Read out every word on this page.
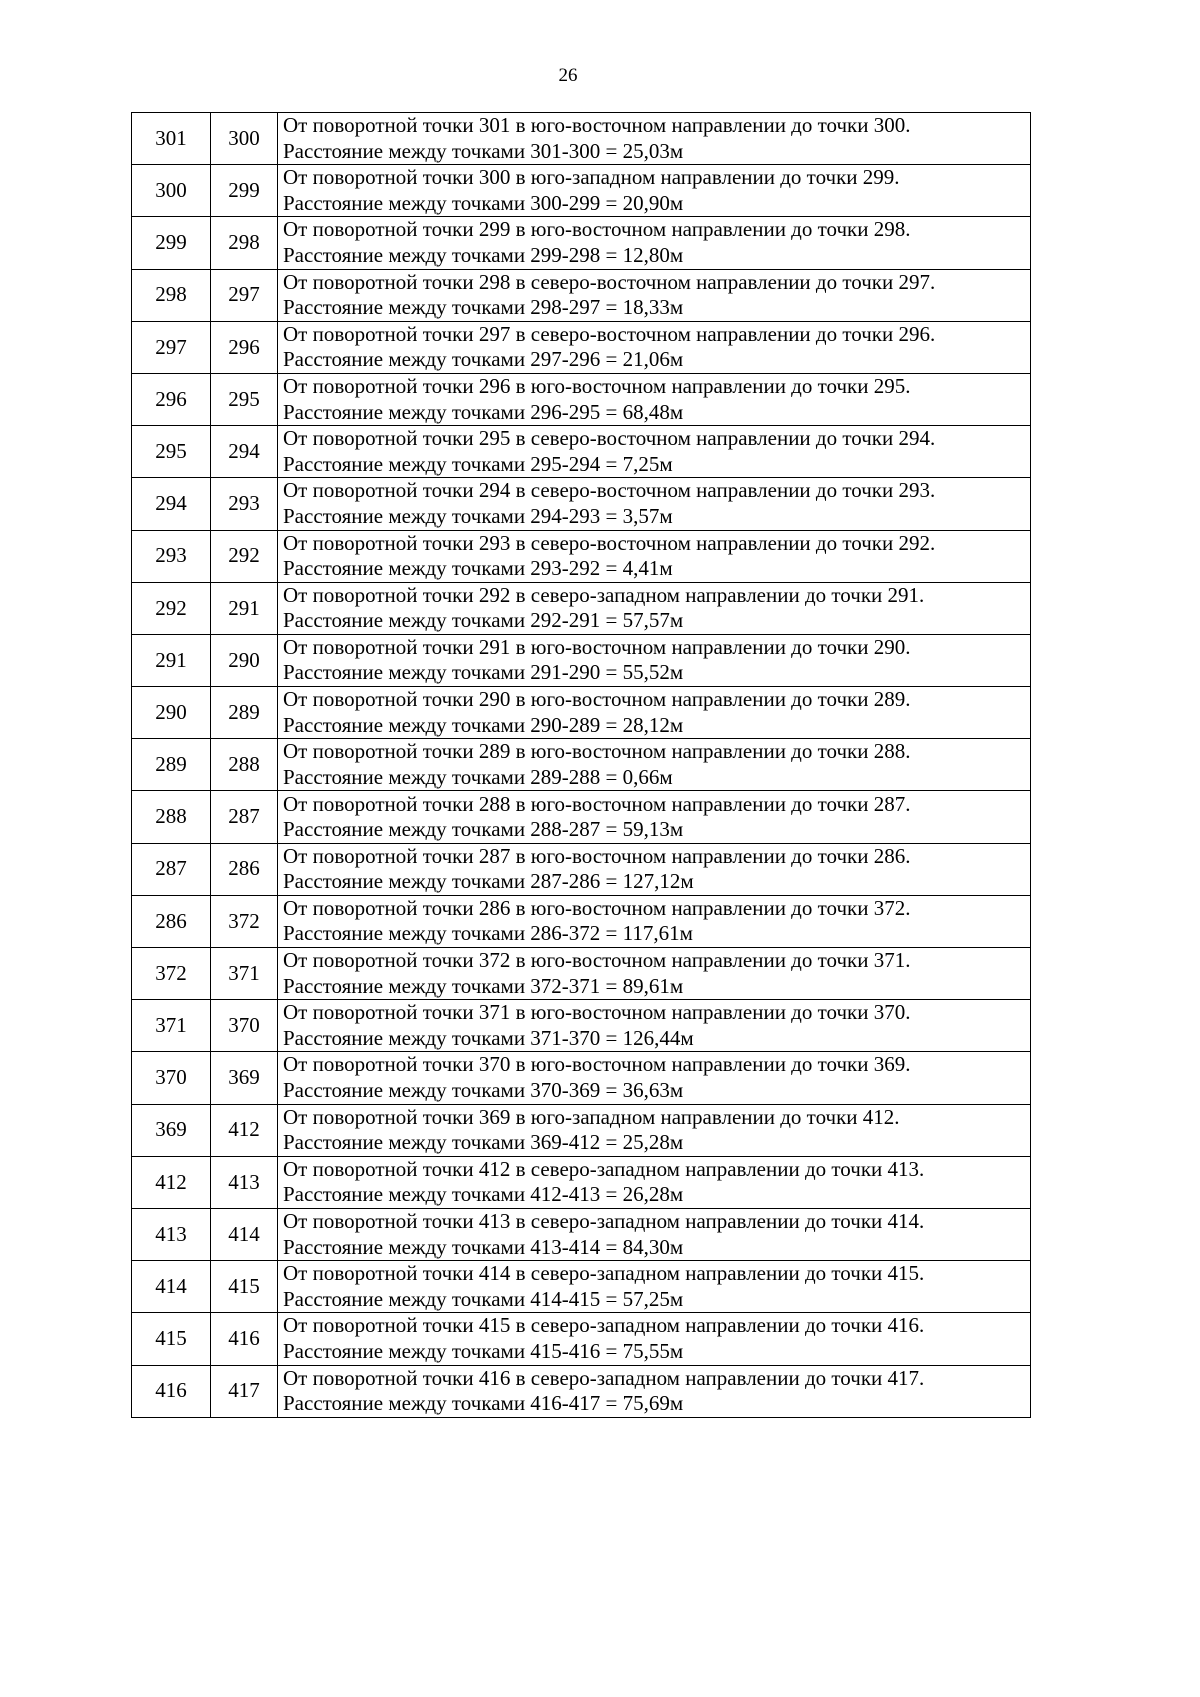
26
301	300	От поворотной точки 301 в юго-восточном направлении до точки 300.
Расстояние между точками 301-300 = 25,03м

300	299	От поворотной точки 300 в юго-западном направлении до точки 299.
Расстояние между точками 300-299 = 20,90м

299	298	От поворотной точки 299 в юго-восточном направлении до точки 298.
Расстояние между точками 299-298 = 12,80м

298	297	От поворотной точки 298 в северо-восточном направлении до точки 297.
Расстояние между точками 298-297 = 18,33м

297	296	От поворотной точки 297 в северо-восточном направлении до точки 296.
Расстояние между точками 297-296 = 21,06м

296	295	От поворотной точки 296 в юго-восточном направлении до точки 295.
Расстояние между точками 296-295 = 68,48м

295	294	От поворотной точки 295 в северо-восточном направлении до точки 294.
Расстояние между точками 295-294 = 7,25м

294	293	От поворотной точки 294 в северо-восточном направлении до точки 293.
Расстояние между точками 294-293 = 3,57м

293	292	От поворотной точки 293 в северо-восточном направлении до точки 292.
Расстояние между точками 293-292 = 4,41м

292	291	От поворотной точки 292 в северо-западном направлении до точки 291.
Расстояние между точками 292-291 = 57,57м

291	290	От поворотной точки 291 в юго-восточном направлении до точки 290.
Расстояние между точками 291-290 = 55,52м

290	289	От поворотной точки 290 в юго-восточном направлении до точки 289.
Расстояние между точками 290-289 = 28,12м

289	288	От поворотной точки 289 в юго-восточном направлении до точки 288.
Расстояние между точками 289-288 = 0,66м

288	287	От поворотной точки 288 в юго-восточном направлении до точки 287.
Расстояние между точками 288-287 = 59,13м

287	286	От поворотной точки 287 в юго-восточном направлении до точки 286.
Расстояние между точками 287-286 = 127,12м

286	372	От поворотной точки 286 в юго-восточном направлении до точки 372.
Расстояние между точками 286-372 = 117,61м

372	371	От поворотной точки 372 в юго-восточном направлении до точки 371.
Расстояние между точками 372-371 = 89,61м

371	370	От поворотной точки 371 в юго-восточном направлении до точки 370.
Расстояние между точками 371-370 = 126,44м

370	369	От поворотной точки 370 в юго-восточном направлении до точки 369.
Расстояние между точками 370-369 = 36,63м

369	412	От поворотной точки 369 в юго-западном направлении до точки 412.
Расстояние между точками 369-412 = 25,28м

412	413	От поворотной точки 412 в северо-западном направлении до точки 413.
Расстояние между точками 412-413 = 26,28м

413	414	От поворотной точки 413 в северо-западном направлении до точки 414.
Расстояние между точками 413-414 = 84,30м

414	415	От поворотной точки 414 в северо-западном направлении до точки 415.
Расстояние между точками 414-415 = 57,25м

415	416	От поворотной точки 415 в северо-западном направлении до точки 416.
Расстояние между точками 415-416 = 75,55м

416	417	От поворотной точки 416 в северо-западном направлении до точки 417.
Расстояние между точками 416-417 = 75,69м
